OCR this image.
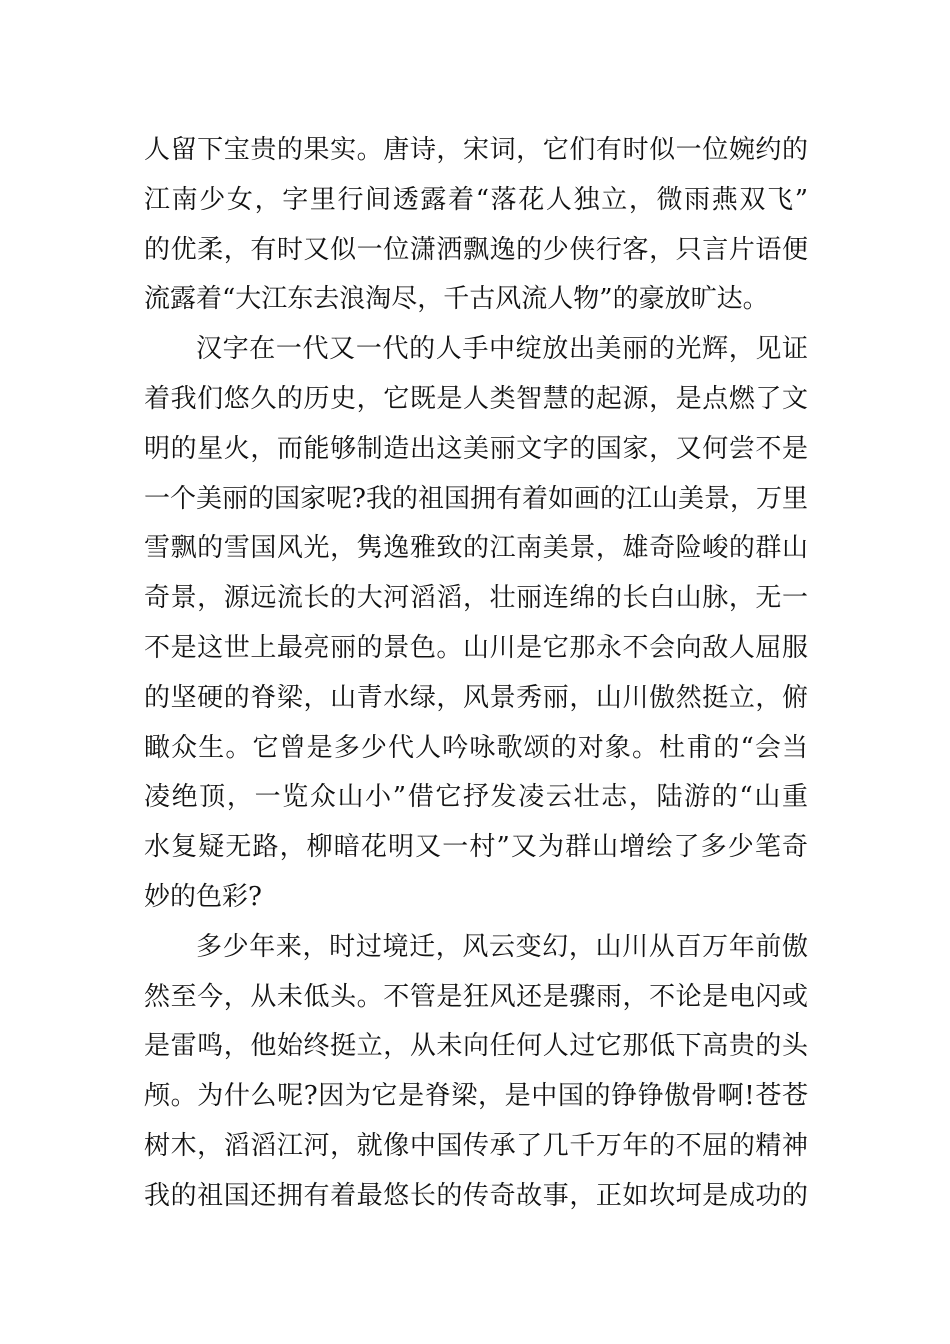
人留下宝贵的果实。唐诗，宋词，它们有时似一位婉约的
江南少女，字里行间透露着“落花人独立，微雨燕双飞”
的优柔，有时又似一位潇洒飘逸的少侠行客，只言片语便
流露着“大江东去浪淘尽，千古风流人物”的豪放旷达。
汉字在一代又一代的人手中绽放出美丽的光辉，见证
着我们悠久的历史，它既是人类智慧的起源，是点燃了文
明的星火，而能够制造出这美丽文字的国家，又何尝不是
一个美丽的国家呢?我的祖国拥有着如画的江山美景，万里
雪飘的雪国风光，隽逸雅致的江南美景，雄奇险峻的群山
奇景，源远流长的大河滔滔，壮丽连绵的长白山脉，无一
不是这世上最亮丽的景色。山川是它那永不会向敌人屈服
的坚硬的脊梁，山青水绿，风景秀丽，山川傲然挺立，俯
瞰众生。它曾是多少代人吟咏歌颂的对象。杜甫的“会当
凌绝顶，一览众山小”借它抒发凌云壮志，陆游的“山重
水复疑无路，柳暗花明又一村”又为群山增绘了多少笔奇
妙的色彩?
多少年来，时过境迁，风云变幻，山川从百万年前傲
然至今，从未低头。不管是狂风还是骤雨，不论是电闪或
是雷鸣，他始终挺立，从未向任何人过它那低下高贵的头
颅。为什么呢?因为它是脊梁，是中国的铮铮傲骨啊!苍苍
树木，滔滔江河，就像中国传承了几千万年的不屈的精神
我的祖国还拥有着最悠长的传奇故事，正如坎坷是成功的
